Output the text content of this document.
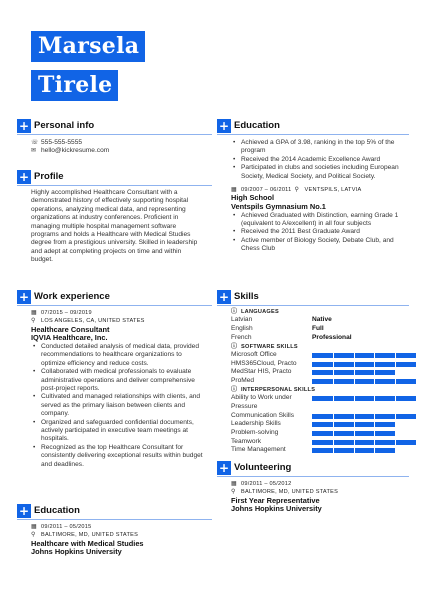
Marsela
Tirele
+ Personal info
☏ 555-555-5555
✉ hello@kickresume.com
+ Profile
Highly accomplished Healthcare Consultant with a demonstrated history of effectively supporting hospital operations, analyzing medical data, and representing organizations at industry conferences. Proficient in managing multiple hospital management software programs and holds a Healthcare with Medical Studies degree from a prestigious university. Skilled in leadership and adept at completing projects on time and within budget.
+ Work experience
▦ 07/2015 – 09/2019
⚲ LOS ANGELES, CA, UNITED STATES
Healthcare Consultant
IQVIA Healthcare, Inc.
• Conducted detailed analysis of medical data, provided recommendations to healthcare organizations to optimize efficiency and reduce costs.
• Collaborated with medical professionals to evaluate administrative operations and deliver comprehensive post-project reports.
• Cultivated and managed relationships with clients, and served as the primary liaison between clients and company.
• Organized and safeguarded confidential documents, actively participated in executive team meetings at hospitals.
• Recognized as the top Healthcare Consultant for consistently delivering exceptional results within budget and deadlines.
+ Education
▦ 09/2011 – 05/2015
⚲ BALTIMORE, MD, UNITED STATES
Healthcare with Medical Studies
Johns Hopkins University
+ Education
• Achieved a GPA of 3.98, ranking in the top 5% of the program
• Received the 2014 Academic Excellence Award
• Participated in clubs and societies including European Society, Medical Society, and Political Society.
▦ 09/2007 – 06/2011 ⚲ VENTSPILS, LATVIA
High School
Ventspils Gymnasium No.1
• Achieved Graduated with Distinction, earning Grade 1 (equivalent to A/excellent) in all four subjects
• Received the 2011 Best Graduate Award
• Active member of Biology Society, Debate Club, and Chess Club
+ Skills
ⓘ LANGUAGES
Latvian	Native
English	Full
French	Professional
ⓘ SOFTWARE SKILLS
Microsoft Office
HMS365Cloud, Practo
MedStar HIS, Practo
ProMed
ⓘ INTERPERSONAL SKILLS
Ability to Work under Pressure
Communication Skills
Leadership Skills
Problem-solving
Teamwork
Time Management
+ Volunteering
▦ 09/2011 – 05/2012
⚲ BALTIMORE, MD, UNITED STATES
First Year Representative
Johns Hopkins University
